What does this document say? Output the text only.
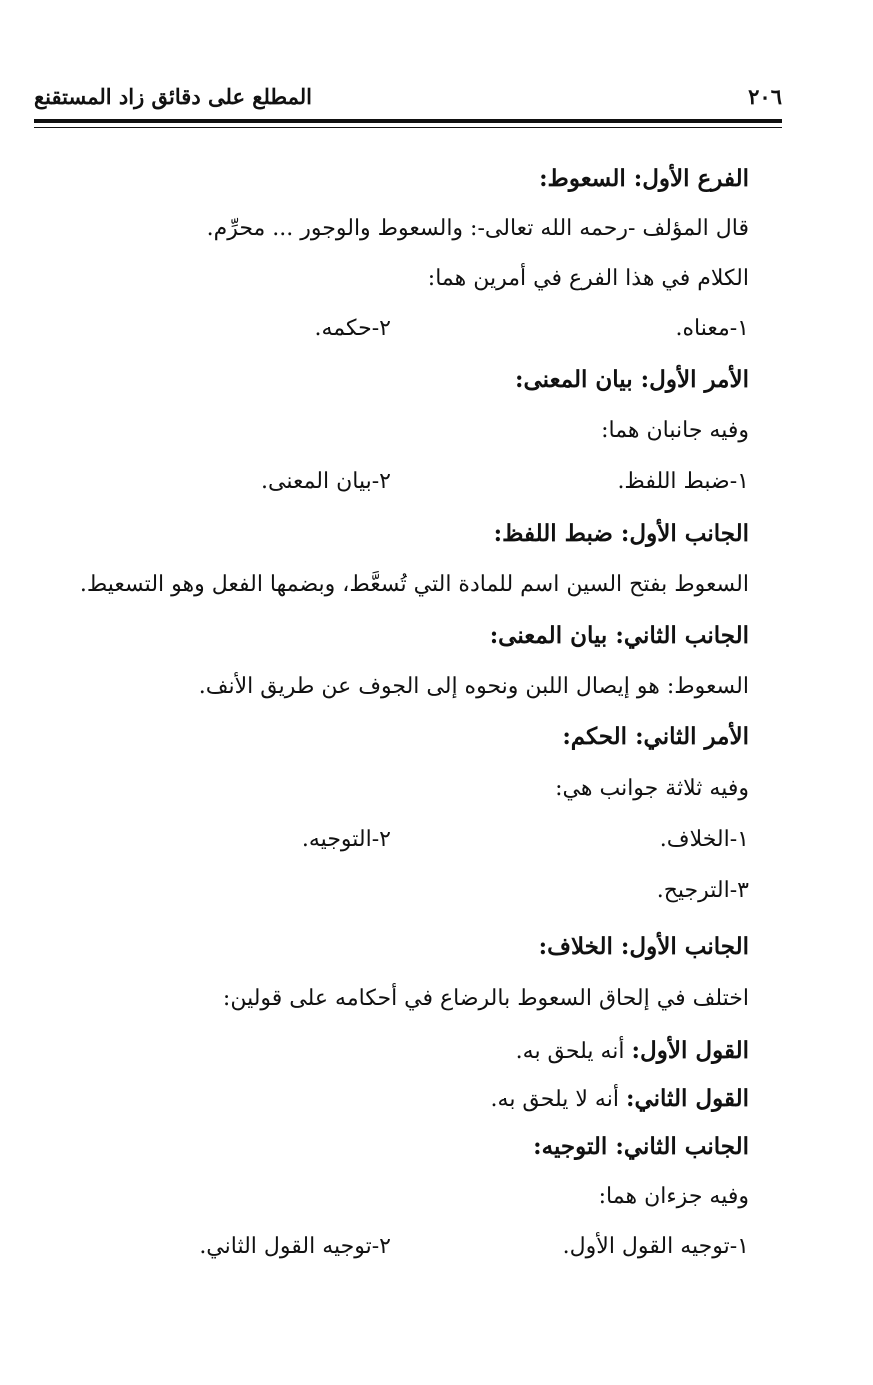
٢٠٦
المطلع على دقائق زاد المستقنع
الفرع الأول: السعوط:
قال المؤلف -رحمه الله تعالى-: والسعوط والوجور ... محرِّم.
الكلام في هذا الفرع في أمرين هما:
١-معناه.
٢-حكمه.
الأمر الأول: بيان المعنى:
وفيه جانبان هما:
١-ضبط اللفظ.
٢-بيان المعنى.
الجانب الأول: ضبط اللفظ:
السعوط بفتح السين اسم للمادة التي تُسعَّط، وبضمها الفعل وهو التسعيط.
الجانب الثاني: بيان المعنى:
السعوط: هو إيصال اللبن ونحوه إلى الجوف عن طريق الأنف.
الأمر الثاني: الحكم:
وفيه ثلاثة جوانب هي:
١-الخلاف.
٢-التوجيه.
٣-الترجيح.
الجانب الأول: الخلاف:
اختلف في إلحاق السعوط بالرضاع في أحكامه على قولين:
القول الأول: أنه يلحق به.
القول الثاني: أنه لا يلحق به.
الجانب الثاني: التوجيه:
وفيه جزءان هما:
١-توجيه القول الأول.
٢-توجيه القول الثاني.
